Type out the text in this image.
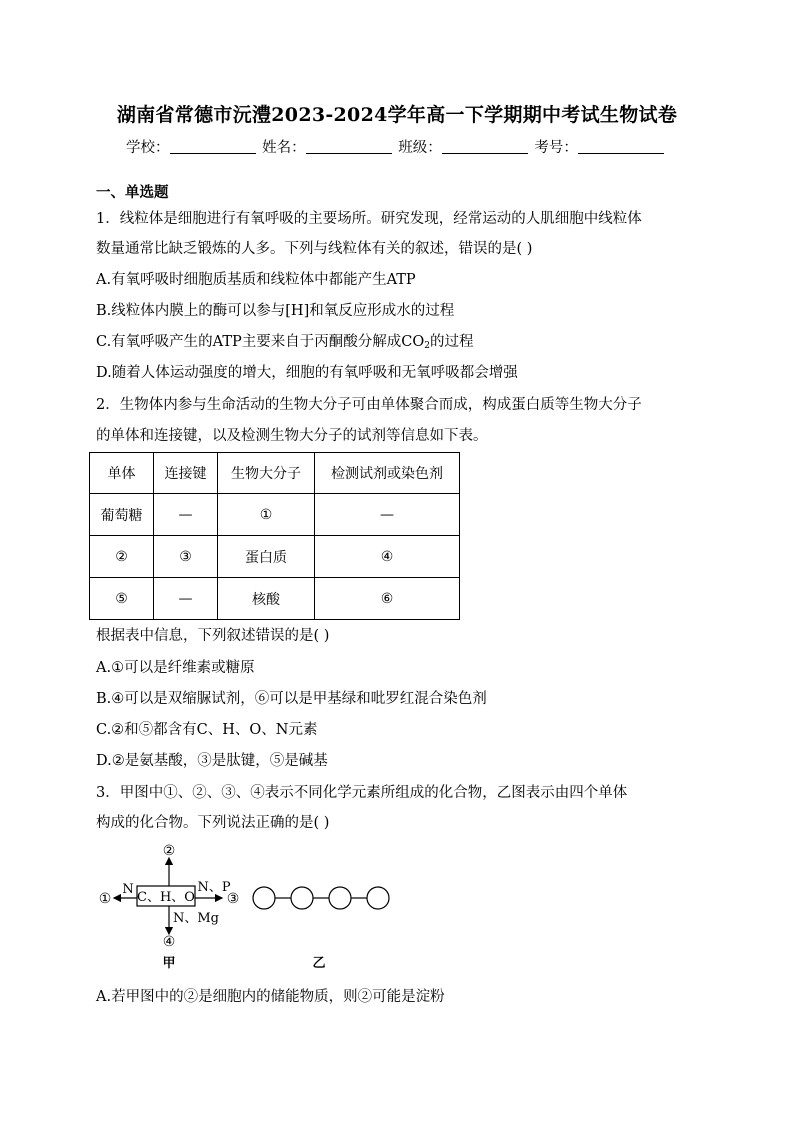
湖南省常德市沅澧2023-2024学年高一下学期期中考试生物试卷
学校：	姓名：	班级：	考号：
一、单选题
1．线粒体是细胞进行有氧呼吸的主要场所。研究发现，经常运动的人肌细胞中线粒体
数量通常比缺乏锻炼的人多。下列与线粒体有关的叙述，错误的是( )
A.有氧呼吸时细胞质基质和线粒体中都能产生ATP
B.线粒体内膜上的酶可以参与[H]和氧反应形成水的过程
C.有氧呼吸产生的ATP主要来自于丙酮酸分解成$CO_2$的过程
D.随着人体运动强度的增大，细胞的有氧呼吸和无氧呼吸都会增强
2．生物体内参与生命活动的生物大分子可由单体聚合而成，构成蛋白质等生物大分子
的单体和连接键，以及检测生物大分子的试剂等信息如下表。
单体	连接键	生物大分子	检测试剂或染色剂
葡萄糖	—	①	—
②	③	蛋白质	④
⑤	—	核酸	⑥
根据表中信息，下列叙述错误的是( )
A.①可以是纤维素或糖原
B.④可以是双缩脲试剂，⑥可以是甲基绿和吡罗红混合染色剂
C.②和⑤都含有C、H、O、N元素
D.②是氨基酸，③是肽键，⑤是碱基
3．甲图中①、②、③、④表示不同化学元素所组成的化合物，乙图表示由四个单体
构成的化合物。下列说法正确的是( )
C、H、O
②
N
①
N、P
③
N、Mg
④
甲	乙
A.若甲图中的②是细胞内的储能物质，则②可能是淀粉
